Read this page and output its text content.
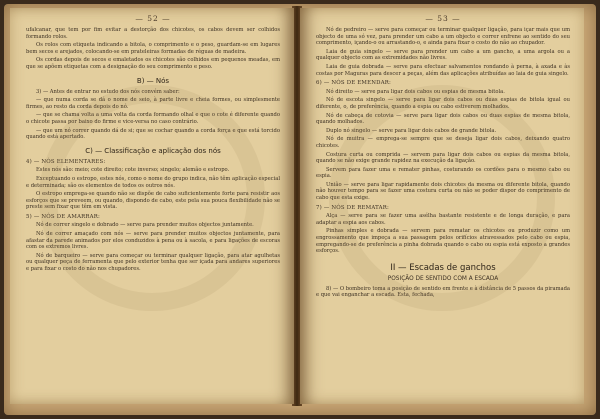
— 52 —

ufalcanar, que tem por fim evitar a destorção dos chicotes, os cabos devem ser colhidos formando rolos.

Os rolos com etiqueta indicando a bitola, o comprimento e o peso, guardam-se em lugares bem secos e arejados, colocando-se em prateleiras formadas de réguas de madeira.

Os cordas depois de secos e emaletados os chicotes são colhidos em pequenos meadas, em que se apõem etiquetas com a designação do seu comprimento e peso.

B) — Nós

3) — Antes de entrar no estudo dos nós convém saber:

— que numa corda se dá o nome de seio, à parte livre e cheia formes, ou simplesmente firmes, ao resto da corda depois do nó.

— que se chama volta a uma volta da corda formando olhal e que o cote é diferente quando o chicote passa por baixo do firme e vice-versa no caso contrário.

— que um nó correr quando dá de si; que se cochar quando a corda força e que está torcido quando está apertado.

C) — Classificação e aplicação dos nós
4) — NÓS ELEMENTARES:

Estes nós são: meio; cote direito; cote inverso; singelo; alemão e estropo.

Exceptuando o estropo, estes nós, como o nome do grupo indica, não têm aplicação especial e determinada; são os elementos de todos os outros nós.

O estropo emprega-se quando não se dispõe de cabo suficientemente forte para resistir aos esforços que se preveem, ou quando, dispondo de cabo, este pela sua pouca flexibilidade não se preste sem fixar que têm em vista.

5) — NÓS DE AMARRAR:

Nó de correr singelo e dobrado — serve para prender muitos objectos juntamente.

Nó de correr amaçado com nós — serve para prender muitos objectos juntamente, para afastar da parede animados por elos conduzidos à pena ou à sacola, e para ligações de escoras com os extremos livres.

Nó de barqueiro — serve para começar ou terminar qualquer ligação, para atar agulhetas ou qualquer peça de ferramenta que pelo exterior tenha que ser içada para andares superiores e para fixar o costo do não nos chupadores.

— 53 —

Nó de pedreiro — serve para começar ou terminar qualquer ligação, para içar mais que um objecto de uma só vez, para prender um cabo a um objecto e correr enfrene ao sentido do seu comprimento, içando-o ou arrastando-o, e ainda para fixar o costo do não ao chupador.

Laia de guia singelo — serve para prender um cabo a um gancho, a uma argola ou a qualquer objecto com as extremidades não livres.

Laia de guia dobrada — serve para efectuar salvamentos rondando à perna, à axada e às costas por Maguras para descer a peças, além das aplicações atribuídas ao laia de guia singelo.

6) — NÓS DE EMENDAR:

Nó direito — serve para ligar dois cabos ou espias de mesma bitola.

Nó de escota singelo — serve para ligar dois cabos ou duas espias de bitola igual ou diferente, o, de preferência, quando a espia ou cabo estiverem molhados.

Nó de cabeça de cotovia — serve para ligar dois cabos ou duas espias de mesma bitola, quando molhados.

Duplo nó singelo — serve para ligar dois cabos de grande bitola.

Nó de muitra — emprega-se sempre que se deseja ligar dois cabos, deixando quatro chicotes.

Costura curta ou comprida — servem para ligar dois cabos ou espias da mesma bitola, quando se não exige grande rapidez na execução da ligação.

Servem para fazer uma e remater pinhas, costurando os cordões para o mesmo cabo ou espia.

União — serve para ligar rapidamente dois chicotes da mesma ou diferente bitola, quando não houver tempo para se fazer uma costura curta ou não se poder dispor do comprimento de cabo que esta exige.

7) — NÓS DE REMATAR:

Alça — serve para se fazer uma asélha bastante resistente e de longa duração, e para adaptar a espia aos cabos.

Pinhas simples e dobrada — servem para rematar os chicotes ou produzir como um engrossamento que impeça a sua passagem pelos orifícios atravessados pelo cabo ou espia, empregando-se de preferência a pinha dobrada quando o cabo ou espia está exposto a grandes esforços.

II — Escadas de ganchos
POSIÇÃO DE SENTIDO COM A ESCADA

8) — O bombeiro toma a posição de sentido em frente e à distância de 5 passos da piramada e que vai enganchar a escada. Esta, fechada,
